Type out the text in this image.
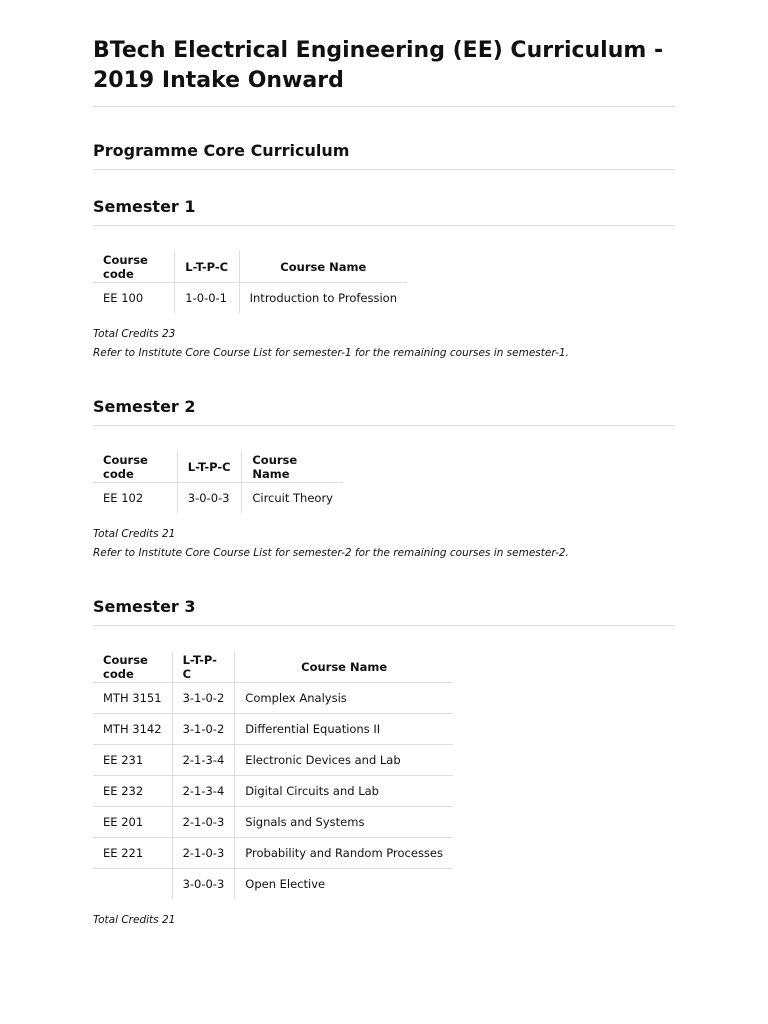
BTech Electrical Engineering (EE) Curriculum - 2019 Intake Onward
Programme Core Curriculum
Semester 1
Course code	L-T-P-C	Course Name
EE 100	1-0-0-1	Introduction to Profession

Total Credits 23

Refer to Institute Core Course List for semester-1 for the remaining courses in semester-1.

Semester 2
Course code	L-T-P-C	Course Name
EE 102	3-0-0-3	Circuit Theory

Total Credits 21

Refer to Institute Core Course List for semester-2 for the remaining courses in semester-2.

Semester 3
Course code	L-T-P-C	Course Name
MTH 3151	3-1-0-2	Complex Analysis
MTH 3142	3-1-0-2	Differential Equations II
EE 231	2-1-3-4	Electronic Devices and Lab
EE 232	2-1-3-4	Digital Circuits and Lab
EE 201	2-1-0-3	Signals and Systems
EE 221	2-1-0-3	Probability and Random Processes
	3-0-0-3	Open Elective

Total Credits 21
